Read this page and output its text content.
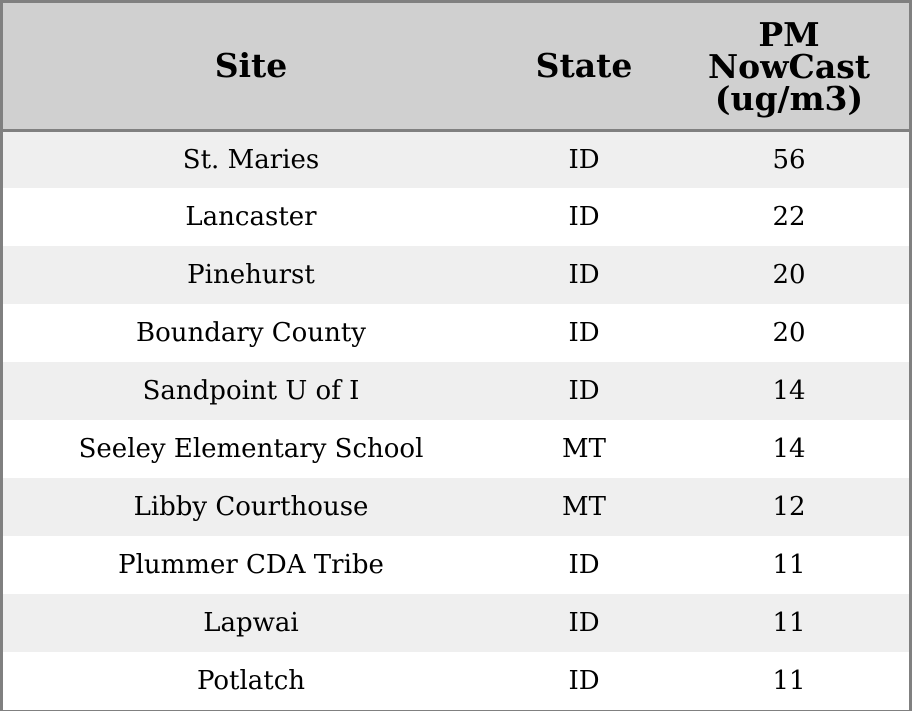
Site	State	PM
NowCast
(ug/m3)
St. Maries	ID	56
Lancaster	ID	22
Pinehurst	ID	20
Boundary County	ID	20
Sandpoint U of I	ID	14
Seeley Elementary School	MT	14
Libby Courthouse	MT	12
Plummer CDA Tribe	ID	11
Lapwai	ID	11
Potlatch	ID	11
